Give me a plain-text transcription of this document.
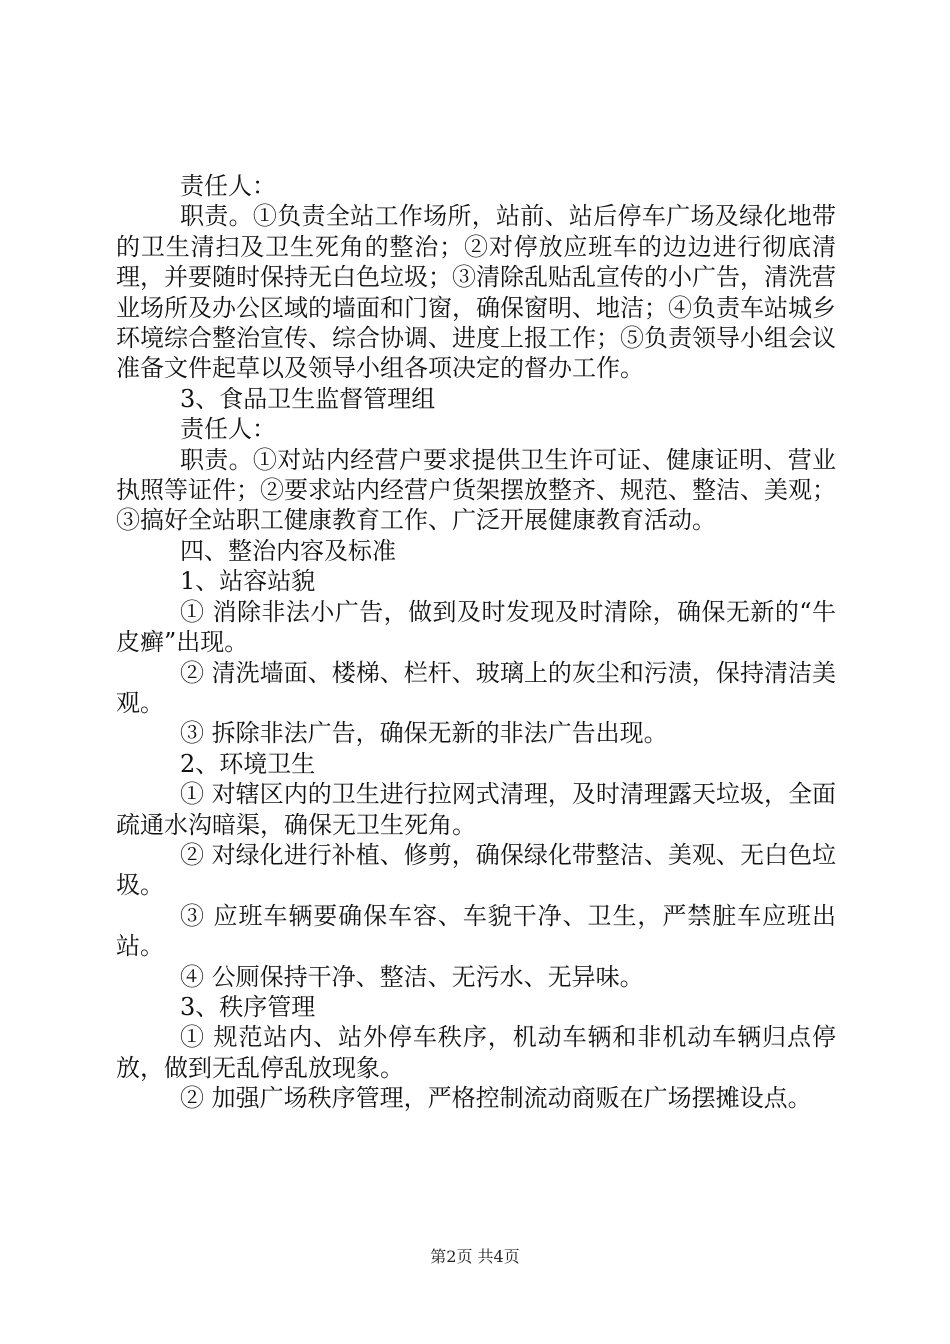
责任人：

职责。①负责全站工作场所，站前、站后停车广场及绿化地带的卫生清扫及卫生死角的整治；②对停放应班车的边边进行彻底清理，并要随时保持无白色垃圾；③清除乱贴乱宣传的小广告，清洗营业场所及办公区域的墙面和门窗，确保窗明、地洁；④负责车站城乡环境综合整治宣传、综合协调、进度上报工作；⑤负责领导小组会议准备文件起草以及领导小组各项决定的督办工作。

3、食品卫生监督管理组

责任人：

职责。①对站内经营户要求提供卫生许可证、健康证明、营业执照等证件；②要求站内经营户货架摆放整齐、规范、整洁、美观；③搞好全站职工健康教育工作、广泛开展健康教育活动。

四、整治内容及标准

1、站容站貌

① 消除非法小广告，做到及时发现及时清除，确保无新的“牛皮癣”出现。

② 清洗墙面、楼梯、栏杆、玻璃上的灰尘和污渍，保持清洁美观。

③ 拆除非法广告，确保无新的非法广告出现。

2、环境卫生

① 对辖区内的卫生进行拉网式清理，及时清理露天垃圾，全面疏通水沟暗渠，确保无卫生死角。

② 对绿化进行补植、修剪，确保绿化带整洁、美观、无白色垃圾。

③ 应班车辆要确保车容、车貌干净、卫生，严禁脏车应班出站。

④ 公厕保持干净、整洁、无污水、无异味。

3、秩序管理

① 规范站内、站外停车秩序，机动车辆和非机动车辆归点停放，做到无乱停乱放现象。

② 加强广场秩序管理，严格控制流动商贩在广场摆摊设点。

第2页 共4页
